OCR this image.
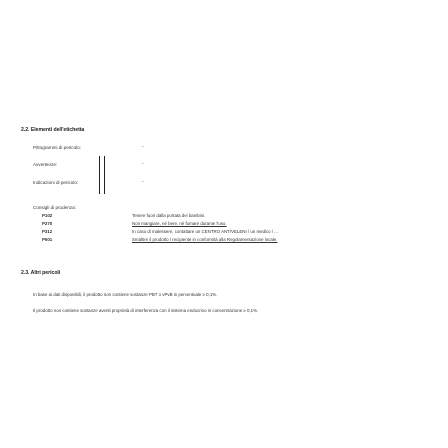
2.2. Elementi dell'etichetta
Pittogrammi di pericolo:	-
Avvertenze:	-
Indicazioni di pericolo:	-
Consigli di prudenza:
P102	Tenere fuori dalla portata dei bambini.
P270	Non mangiare, né bere, né fumare durante l'uso.
P312	In caso di malessere, contattare un CENTRO ANTIVELENI / un medico / ...
P501	Smaltire il prodotto / recipiente in conformità alla Regolamentazione locale.
2.3. Altri pericoli
In base ai dati disponibili, il prodotto non contiene sostanze PBT o vPvB in percentuale ≥ 0,1%.
Il prodotto non contiene sostanze aventi proprietà di interferenza con il sistema endocrino in concentrazione ≥ 0,1%.
